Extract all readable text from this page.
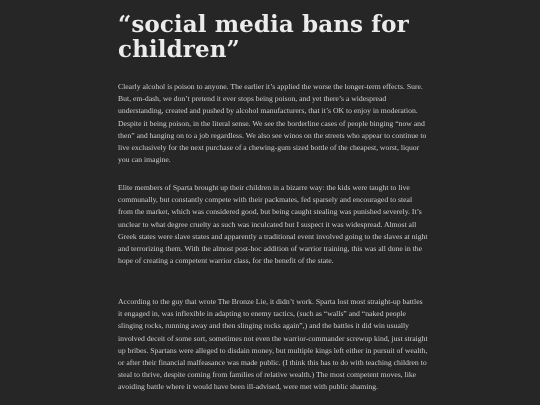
“social media bans for children”

Clearly alcohol is poison to anyone. The earlier it’s applied the worse the longer-term effects. Sure. But, em-dash, we don’t pretend it ever stops being poison, and yet there’s a widespread understanding, created and pushed by alcohol manufacturers, that it’s OK to enjoy in moderation. Despite it being poison, in the literal sense. We see the borderline cases of people binging “now and then” and hanging on to a job regardless. We also see winos on the streets who appear to continue to live exclusively for the next purchase of a chewing-gum sized bottle of the cheapest, worst, liquor you can imagine.

Elite members of Sparta brought up their children in a bizarre way: the kids were taught to live communally, but constantly compete with their packmates, fed sparsely and encouraged to steal from the market, which was considered good, but being caught stealing was punished severely. It’s unclear to what degree cruelty as such was inculcated but I suspect it was widespread. Almost all Greek states were slave states and apparently a traditional event involved going to the slaves at night and terrorizing them. With the almost post-hoc addition of warrior training, this was all done in the hope of creating a competent warrior class, for the benefit of the state.

According to the guy that wrote The Bronze Lie, it didn’t work. Sparta lost most straight-up battles it engaged in, was inflexible in adapting to enemy tactics, (such as “walls” and “naked people slinging rocks, running away and then slinging rocks again”,) and the battles it did win usually involved deceit of some sort, sometimes not even the warrior-commander screwup kind, just straight up bribes. Spartans were alleged to disdain money, but multiple kings left either in pursuit of wealth, or after their financial malfeasance was made public. (I think this has to do with teaching children to steal to thrive, despite coming from families of relative wealth.) The most competent moves, like avoiding battle where it would have been ill-advised, were met with public shaming.
